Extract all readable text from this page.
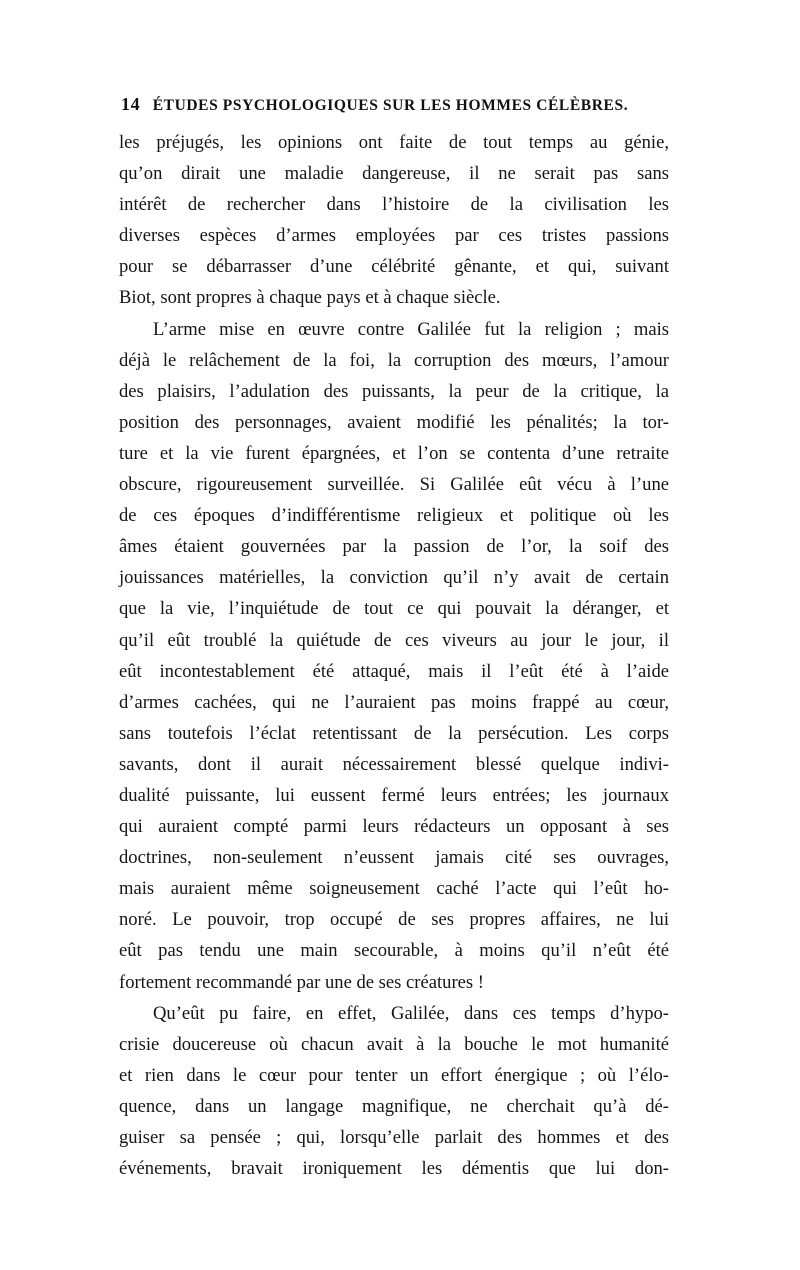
14 ÉTUDES PSYCHOLOGIQUES SUR LES HOMMES CÉLÈBRES.
les préjugés, les opinions ont faite de tout temps au génie,
qu’on dirait une maladie dangereuse, il ne serait pas sans
intérêt de rechercher dans l’histoire de la civilisation les
diverses espèces d’armes employées par ces tristes passions
pour se débarrasser d’une célébrité gênante, et qui, suivant
Biot, sont propres à chaque pays et à chaque siècle.
L’arme mise en œuvre contre Galilée fut la religion ; mais
déjà le relâchement de la foi, la corruption des mœurs, l’amour
des plaisirs, l’adulation des puissants, la peur de la critique, la
position des personnages, avaient modifié les pénalités; la tor-
ture et la vie furent épargnées, et l’on se contenta d’une retraite
obscure, rigoureusement surveillée. Si Galilée eût vécu à l’une
de ces époques d’indifférentisme religieux et politique où les
âmes étaient gouvernées par la passion de l’or, la soif des
jouissances matérielles, la conviction qu’il n’y avait de certain
que la vie, l’inquiétude de tout ce qui pouvait la déranger, et
qu’il eût troublé la quiétude de ces viveurs au jour le jour, il
eût incontestablement été attaqué, mais il l’eût été à l’aide
d’armes cachées, qui ne l’auraient pas moins frappé au cœur,
sans toutefois l’éclat retentissant de la persécution. Les corps
savants, dont il aurait nécessairement blessé quelque indivi-
dualité puissante, lui eussent fermé leurs entrées; les journaux
qui auraient compté parmi leurs rédacteurs un opposant à ses
doctrines, non-seulement n’eussent jamais cité ses ouvrages,
mais auraient même soigneusement caché l’acte qui l’eût ho-
noré. Le pouvoir, trop occupé de ses propres affaires, ne lui
eût pas tendu une main secourable, à moins qu’il n’eût été
fortement recommandé par une de ses créatures !
Qu’eût pu faire, en effet, Galilée, dans ces temps d’hypo-
crisie doucereuse où chacun avait à la bouche le mot humanité
et rien dans le cœur pour tenter un effort énergique ; où l’élo-
quence, dans un langage magnifique, ne cherchait qu’à dé-
guiser sa pensée ; qui, lorsqu’elle parlait des hommes et des
événements, bravait ironiquement les démentis que lui don-
